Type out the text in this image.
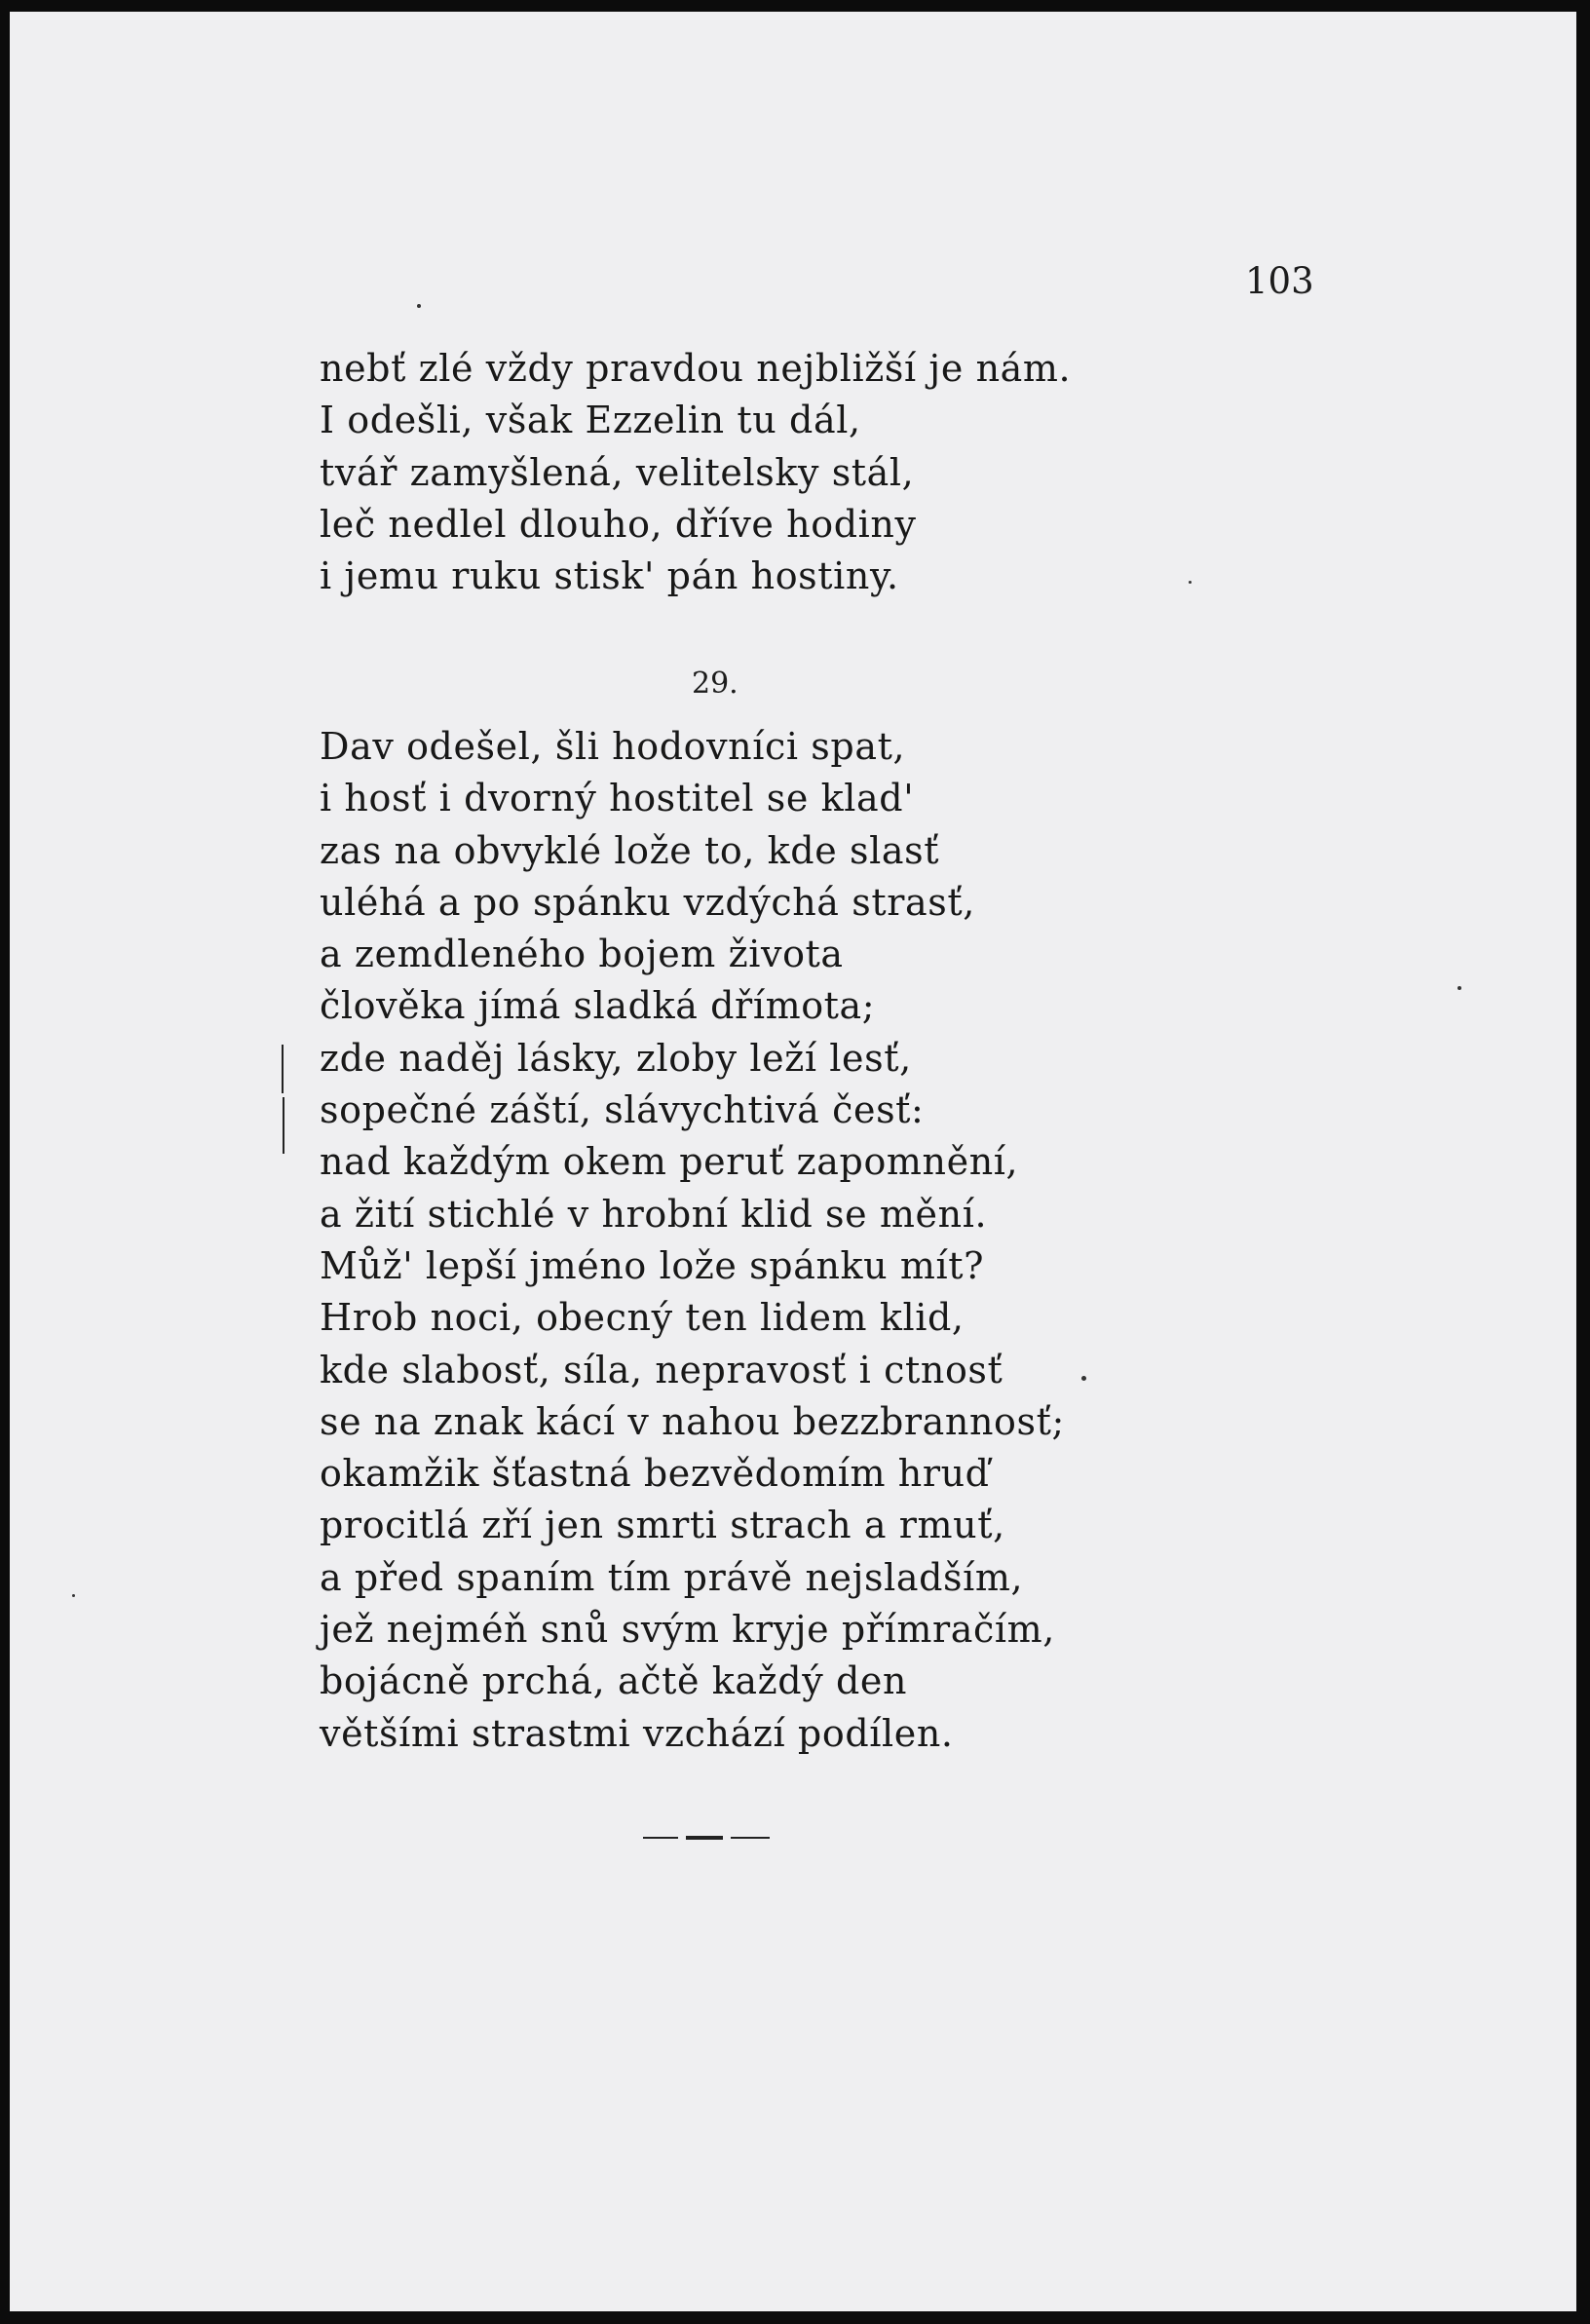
103

nebť zlé vždy pravdou nejbližší je nám.
I odešli, však Ezzelin tu dál,
tvář zamyšlená, velitelsky stál,
leč nedlel dlouho, dříve hodiny
i jemu ruku stisk' pán hostiny.

29.

Dav odešel, šli hodovníci spat,
i hosť i dvorný hostitel se klad'
zas na obvyklé lože to, kde slasť
uléhá a po spánku vzdýchá strasť,
a zemdleného bojem života
člověka jímá sladká dřímota;
zde naděj lásky, zloby leží lesť,
sopečné záští, slávychtivá česť:
nad každým okem peruť zapomnění,
a žití stichlé v hrobní klid se mění.
Můž' lepší jméno lože spánku mít?
Hrob noci, obecný ten lidem klid,
kde slabosť, síla, nepravosť i ctnosť
se na znak kácí v nahou bezzbrannosť;
okamžik šťastná bezvědomím hruď
procitlá zří jen smrti strach a rmuť,
a před spaním tím právě nejsladším,
jež nejméň snů svým kryje přímračím,
bojácně prchá, ačtě každý den
většími strastmi vzchází podílen.
